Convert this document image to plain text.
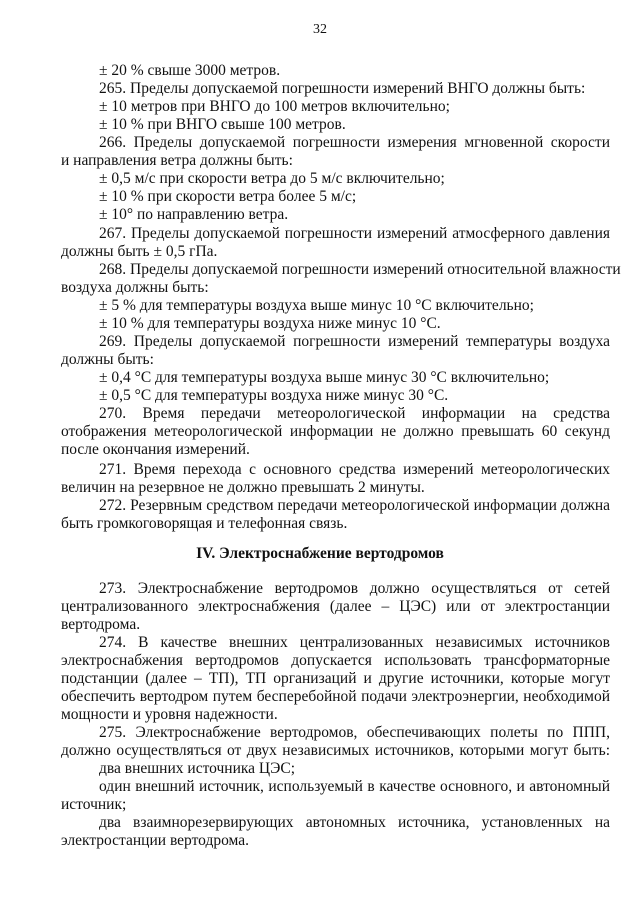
32
± 20 % свыше 3000 метров.
265. Пределы допускаемой погрешности измерений ВНГО должны быть:
± 10 метров при ВНГО до 100 метров включительно;
± 10 % при ВНГО свыше 100 метров.
266. Пределы допускаемой погрешности измерения мгновенной скорости
и направления ветра должны быть:
± 0,5 м/с при скорости ветра до 5 м/с включительно;
± 10 % при скорости ветра более 5 м/с;
± 10° по направлению ветра.
267. Пределы допускаемой погрешности измерений атмосферного давления
должны быть ± 0,5 гПа.
268. Пределы допускаемой погрешности измерений относительной влажности
воздуха должны быть:
± 5 % для температуры воздуха выше минус 10 °С включительно;
± 10 % для температуры воздуха ниже минус 10 °С.
269. Пределы допускаемой погрешности измерений температуры воздуха
должны быть:
± 0,4 °С для температуры воздуха выше минус 30 °С включительно;
± 0,5 °С для температуры воздуха ниже минус 30 °С.
270. Время передачи метеорологической информации на средства
отображения метеорологической информации не должно превышать 60 секунд
после окончания измерений.
271. Время перехода с основного средства измерений метеорологических
величин на резервное не должно превышать 2 минуты.
272. Резервным средством передачи метеорологической информации должна
быть громкоговорящая и телефонная связь.
IV. Электроснабжение вертодромов
273. Электроснабжение вертодромов должно осуществляться от сетей
централизованного электроснабжения (далее – ЦЭС) или от электростанции
вертодрома.
274. В качестве внешних централизованных независимых источников
электроснабжения вертодромов допускается использовать трансформаторные
подстанции (далее – ТП), ТП организаций и другие источники, которые могут
обеспечить вертодром путем бесперебойной подачи электроэнергии, необходимой
мощности и уровня надежности.
275. Электроснабжение вертодромов, обеспечивающих полеты по ППП,
должно осуществляться от двух независимых источников, которыми могут быть:
два внешних источника ЦЭС;
один внешний источник, используемый в качестве основного, и автономный
источник;
два взаимнорезервирующих автономных источника, установленных на
электростанции вертодрома.
